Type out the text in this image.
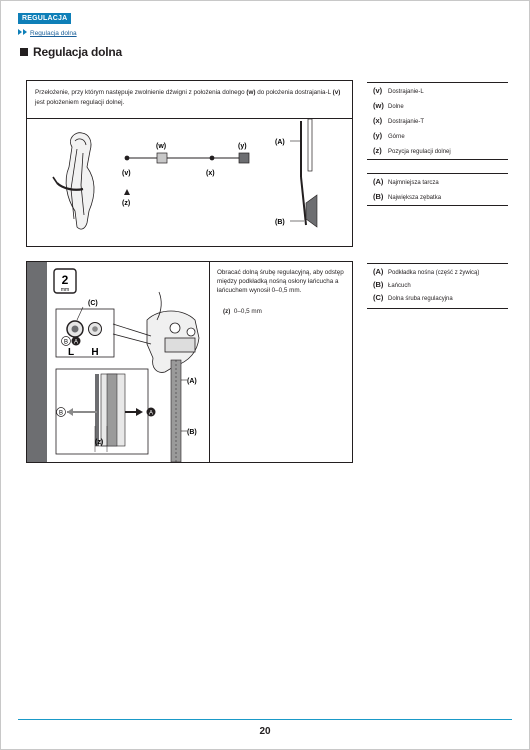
REGULACJA
Regulacja dolna
Regulacja dolna
Przełożenie, przy którym następuje zwolnienie dźwigni z położenia dolnego (w) do położenia dostrajania-L (v) jest położeniem regulacji dolnej.
(w)	(y)
(v)	(x)
(z)
(A)
(B)
(v) Dostrajanie-L
(w) Dolne
(x) Dostrajanie-T
(y) Górne
(z)	Pozycja regulacji dolnej
(A) Najmniejsza tarcza
(B) Największa zębatka
Obracać dolną śrubę regulacyjną, aby odstęp między podkładką nośną osłony łańcucha a łańcuchem wynosił 0–0,5 mm.
(z) 0–0,5 mm
2
mm
(C)
B A
L H
(A)
(B)
B	A
(z)
(A) Podkładka nośna (część z żywicą)
(B) Łańcuch
(C) Dolna śruba regulacyjna
20
